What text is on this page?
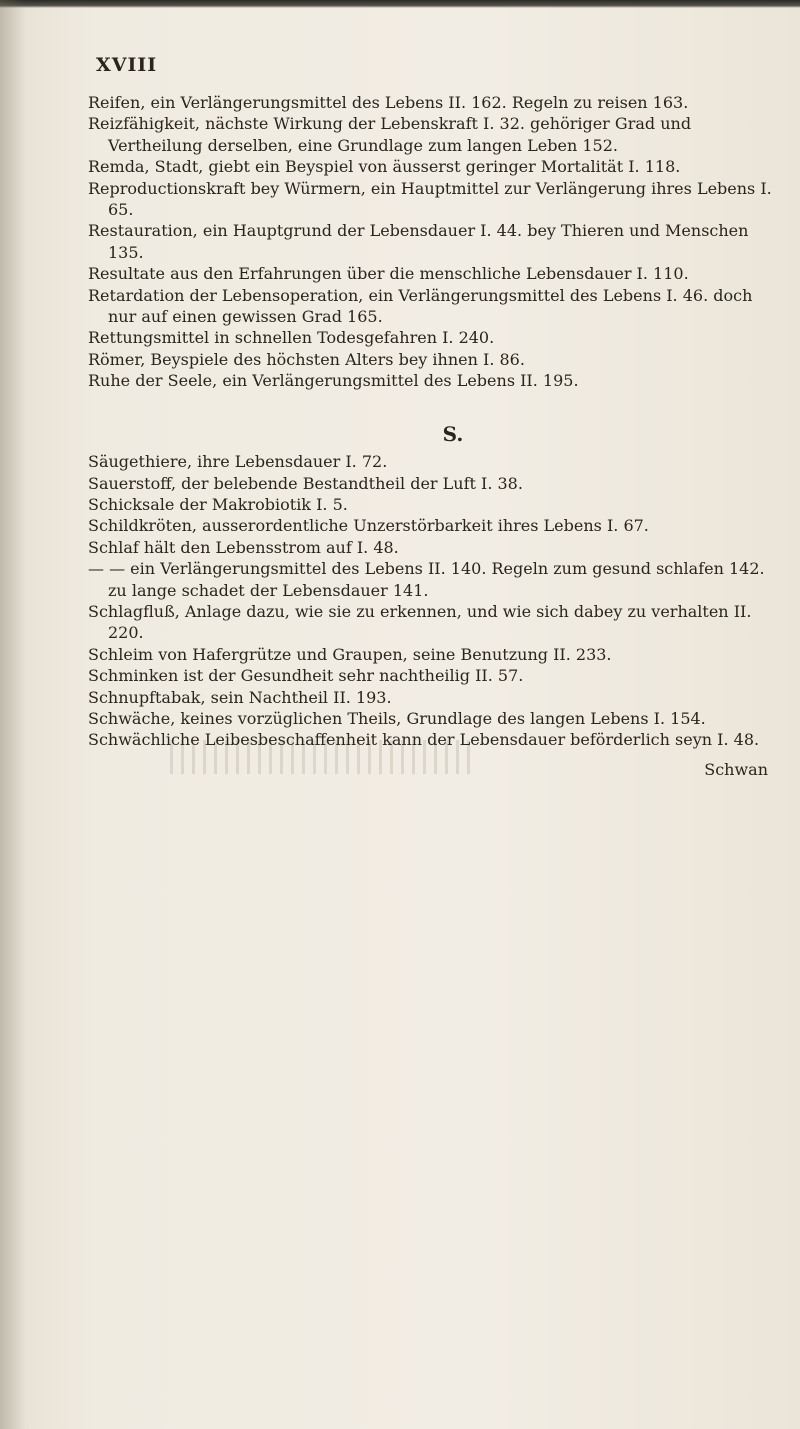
XVIII

Reifen, ein Verlängerungsmittel des Lebens II. 162. Regeln zu reisen 163.

Reizfähigkeit, nächste Wirkung der Lebenskraft I. 32. gehöriger Grad und Vertheilung derselben, eine Grundlage zum langen Leben 152.

Remda, Stadt, giebt ein Beyspiel von äusserst geringer Mortalität I. 118.

Reproductionskraft bey Würmern, ein Hauptmittel zur Verlängerung ihres Lebens I. 65.

Restauration, ein Hauptgrund der Lebensdauer I. 44. bey Thieren und Menschen 135.

Resultate aus den Erfahrungen über die menschliche Lebensdauer I. 110.

Retardation der Lebensoperation, ein Verlängerungsmittel des Lebens I. 46. doch nur auf einen gewissen Grad 165.

Rettungsmittel in schnellen Todesgefahren I. 240.

Römer, Beyspiele des höchsten Alters bey ihnen I. 86.

Ruhe der Seele, ein Verlängerungsmittel des Lebens II. 195.

S.

Säugethiere, ihre Lebensdauer I. 72.

Sauerstoff, der belebende Bestandtheil der Luft I. 38.

Schicksale der Makrobiotik I. 5.

Schildkröten, ausserordentliche Unzerstörbarkeit ihres Lebens I. 67.

Schlaf hält den Lebensstrom auf I. 48.

— — ein Verlängerungsmittel des Lebens II. 140. Regeln zum gesund schlafen 142. zu lange schadet der Lebensdauer 141.

Schlagfluß, Anlage dazu, wie sie zu erkennen, und wie sich dabey zu verhalten II. 220.

Schleim von Hafergrütze und Graupen, seine Benutzung II. 233.

Schminken ist der Gesundheit sehr nachtheilig II. 57.

Schnupftabak, sein Nachtheil II. 193.

Schwäche, keines vorzüglichen Theils, Grundlage des langen Lebens I. 154.

Schwächliche Leibesbeschaffenheit kann der Lebensdauer beförderlich seyn I. 48.

Schwan
